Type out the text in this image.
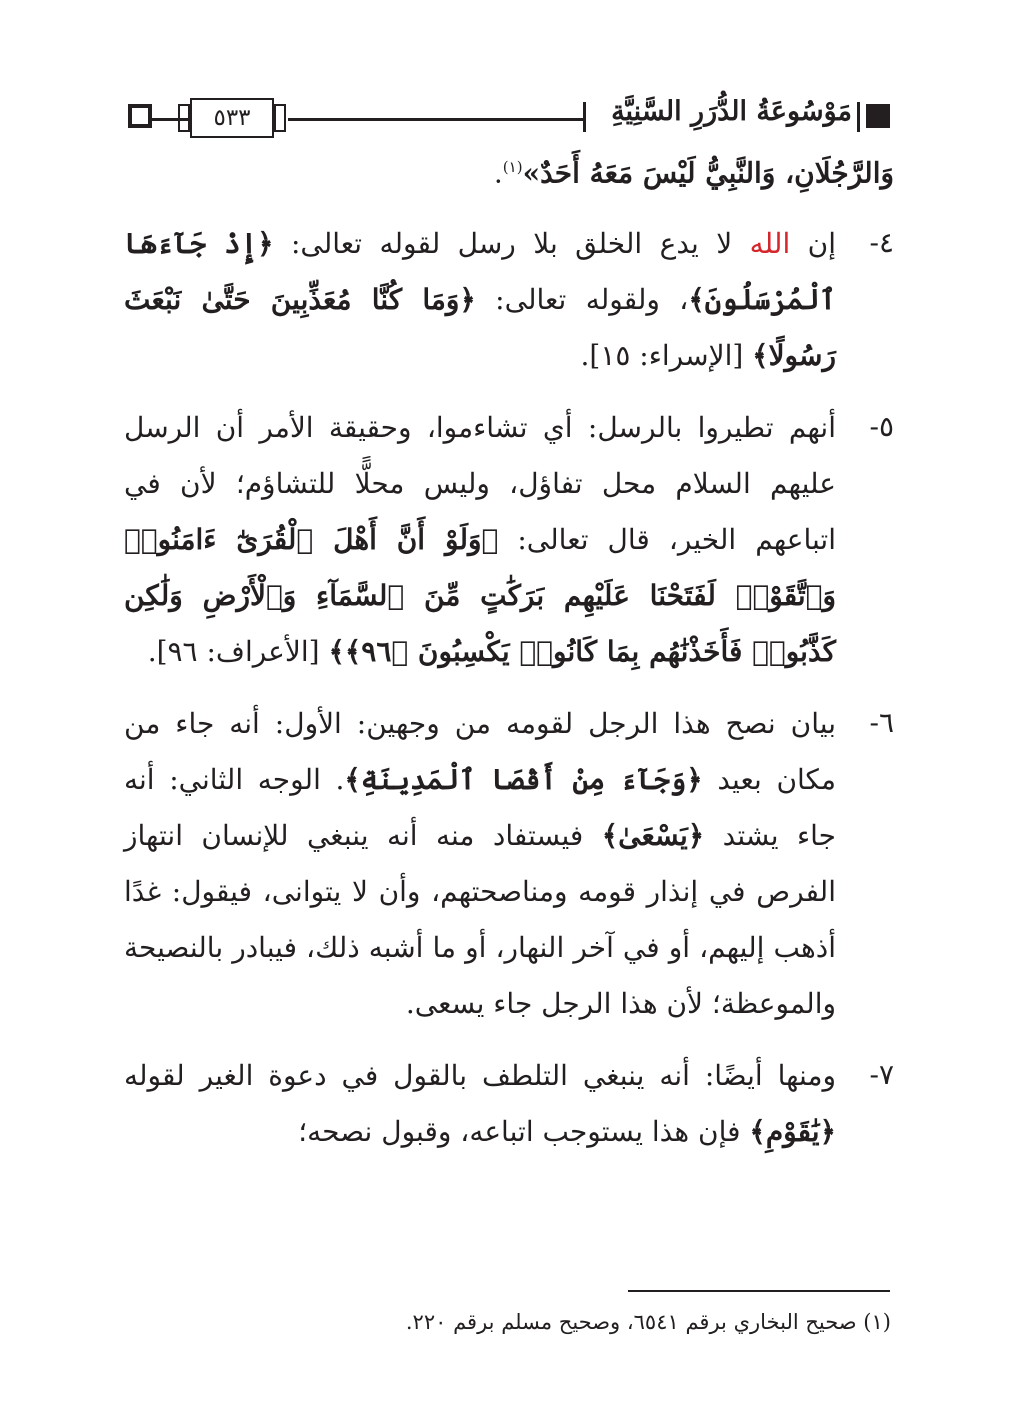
٥٣٣	مَوْسُوعَةُ الدُّرَرِ السَّنِيَّةِ
وَالرَّجُلَانِ، وَالنَّبِيُّ لَيْسَ مَعَهُ أَحَدٌ»$^{(١)}$.
٤-
إن الله لا يدع الخلق بلا رسل لقوله تعالى: ﴿إِذْ جَآءَهَا ٱلْمُرْسَلُونَ﴾، ولقوله تعالى: ﴿وَمَا كُنَّا مُعَذِّبِينَ حَتَّىٰ نَبْعَثَ رَسُولًا﴾ [الإسراء: ١٥].
٥-
أنهم تطيروا بالرسل: أي تشاءموا، وحقيقة الأمر أن الرسل عليهم السلام محل تفاؤل، وليس محلًّا للتشاؤم؛ لأن في اتباعهم الخير، قال تعالى: ﴿وَلَوْ أَنَّ أَهْلَ ٱلْقُرَىٰٓ ءَامَنُوا۟ وَٱتَّقَوْا۟ لَفَتَحْنَا عَلَيْهِم بَرَكَٰتٍ مِّنَ ٱلسَّمَآءِ وَٱلْأَرْضِ وَلَٰكِن كَذَّبُوا۟ فَأَخَذْنَٰهُم بِمَا كَانُوا۟ يَكْسِبُونَ ﴿٩٦﴾﴾ [الأعراف: ٩٦].
٦-
بيان نصح هذا الرجل لقومه من وجهين: الأول: أنه جاء من مكان بعيد ﴿وَجَآءَ مِنْ أَقْصَا ٱلْمَدِينَةِ﴾. الوجه الثاني: أنه جاء يشتد ﴿يَسْعَىٰ﴾ فيستفاد منه أنه ينبغي للإنسان انتهاز الفرص في إنذار قومه ومناصحتهم، وأن لا يتوانى، فيقول: غدًا أذهب إليهم، أو في آخر النهار، أو ما أشبه ذلك، فيبادر بالنصيحة والموعظة؛ لأن هذا الرجل جاء يسعى.
٧-
ومنها أيضًا: أنه ينبغي التلطف بالقول في دعوة الغير لقوله ﴿يَٰقَوْمِ﴾ فإن هذا يستوجب اتباعه، وقبول نصحه؛
(١) صحيح البخاري برقم ٦٥٤١، وصحيح مسلم برقم ٢٢٠.
